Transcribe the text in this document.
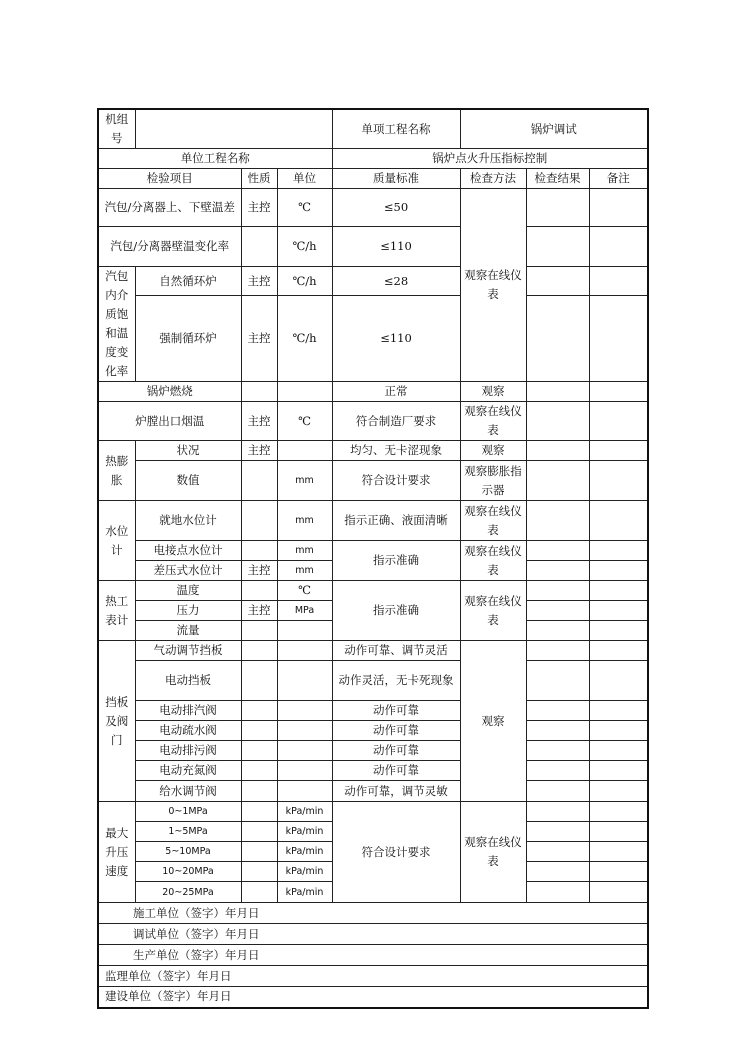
机组号				单项工程名称	锅炉调试		
单位工程名称				锅炉点火升压指标控制			
检验项目		性质	单位	质量标准	检查方法	检查结果	备注
汽包/分离器上、下壁温差		主控	℃	≤50	观察在线仪表		
汽包/分离器壁温变化率			℃/h	≤110			
汽包内介质饱和温度变化率	自然循环炉	主控	℃/h	≤28			
	强制循环炉	主控	℃/h	≤110			
锅炉燃烧				正常	观察		
炉膛出口烟温		主控	℃	符合制造厂要求	观察在线仪表		
热膨胀	状况	主控		均匀、无卡涩现象	观察		
	数值		mm	符合设计要求	观察膨胀指示器		
水位计	就地水位计		mm	指示正确、液面清晰	观察在线仪表		
	电接点水位计		mm	指示准确	观察在线仪表		
	差压式水位计	主控	mm				
热工表计	温度		℃	指示准确	观察在线仪表		
	压力	主控	MPa				
	流量						
挡板及阀门	气动调节挡板			动作可靠、调节灵活	观察		
	电动挡板			动作灵活，无卡死现象			
	电动排汽阀			动作可靠			
	电动疏水阀			动作可靠			
	电动排污阀			动作可靠			
	电动充氮阀			动作可靠			
	给水调节阀			动作可靠，调节灵敏			
最大升压速度	0~1MPa		kPa/min	符合设计要求	观察在线仪表		
	1~5MPa		kPa/min				
	5~10MPa		kPa/min				
	10~20MPa		kPa/min				
	20~25MPa		kPa/min				
施工单位（签字）年月日							
调试单位（签字）年月日							
生产单位（签字）年月日							
监理单位（签字）年月日							
建设单位（签字）年月日							
